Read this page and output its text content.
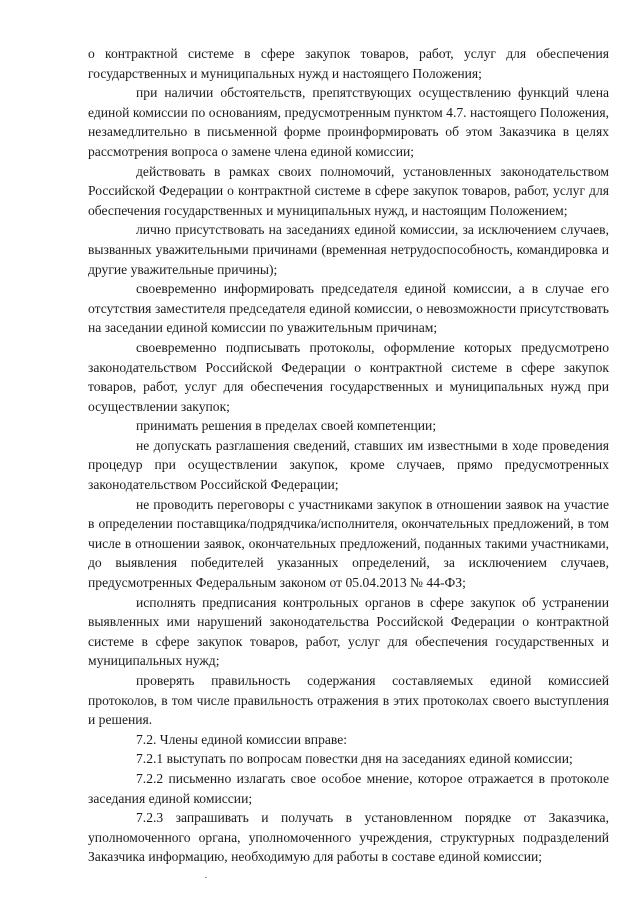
о контрактной системе в сфере закупок товаров, работ, услуг для обеспечения государственных и муниципальных нужд и настоящего Положения;

при наличии обстоятельств, препятствующих осуществлению функций члена единой комиссии по основаниям, предусмотренным пунктом 4.7. настоящего Положения, незамедлительно в письменной форме проинформировать об этом Заказчика в целях рассмотрения вопроса о замене члена единой комиссии;

действовать в рамках своих полномочий, установленных законодательством Российской Федерации о контрактной системе в сфере закупок товаров, работ, услуг для обеспечения государственных и муниципальных нужд, и настоящим Положением;

лично присутствовать на заседаниях единой комиссии, за исключением случаев, вызванных уважительными причинами (временная нетрудоспособность, командировка и другие уважительные причины);

своевременно информировать председателя единой комиссии, а в случае его отсутствия заместителя председателя единой комиссии, о невозможности присутствовать на заседании единой комиссии по уважительным причинам;

своевременно подписывать протоколы, оформление которых предусмотрено законодательством Российской Федерации о контрактной системе в сфере закупок товаров, работ, услуг для обеспечения государственных и муниципальных нужд при осуществлении закупок;

принимать решения в пределах своей компетенции;

не допускать разглашения сведений, ставших им известными в ходе проведения процедур при осуществлении закупок, кроме случаев, прямо предусмотренных законодательством Российской Федерации;

не проводить переговоры с участниками закупок в отношении заявок на участие в определении поставщика/подрядчика/исполнителя, окончательных предложений, в том числе в отношении заявок, окончательных предложений, поданных такими участниками, до выявления победителей указанных определений, за исключением случаев, предусмотренных Федеральным законом от 05.04.2013 № 44-ФЗ;

исполнять предписания контрольных органов в сфере закупок об устранении выявленных ими нарушений законодательства Российской Федерации о контрактной системе в сфере закупок товаров, работ, услуг для обеспечения государственных и муниципальных нужд;

проверять правильность содержания составляемых единой комиссией протоколов, в том числе правильность отражения в этих протоколах своего выступления и решения.

7.2. Члены единой комиссии вправе:

7.2.1 выступать по вопросам повестки дня на заседаниях единой комиссии;

7.2.2 письменно излагать свое особое мнение, которое отражается в протоколе заседания единой комиссии;

7.2.3 запрашивать и получать в установленном порядке от Заказчика, уполномоченного органа, уполномоченного учреждения, структурных подразделений Заказчика информацию, необходимую для работы в составе единой комиссии;
